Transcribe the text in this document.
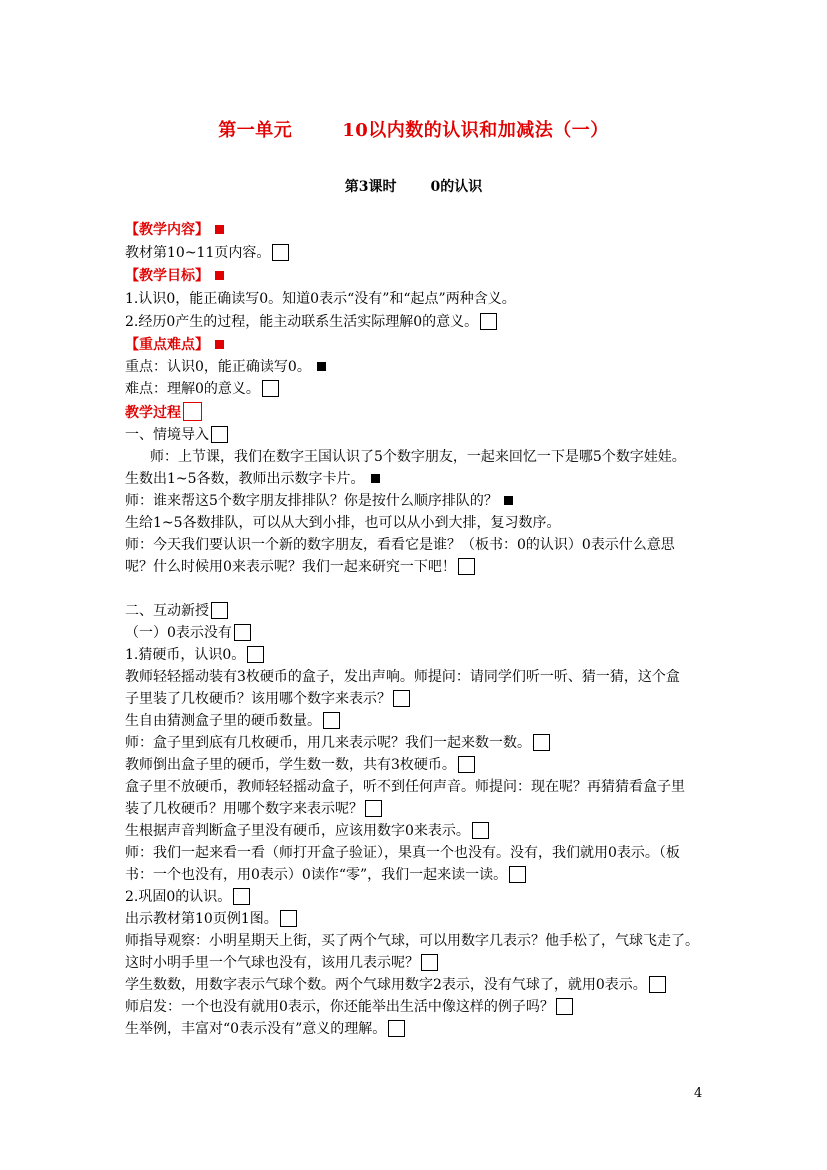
第一单元	10以内数的认识和加减法（一）
第3课时 0的认识
【教学内容】
教材第10~11页内容。
【教学目标】
1.认识0，能正确读写0。知道0表示“没有”和“起点”两种含义。
2.经历0产生的过程，能主动联系生活实际理解0的意义。
【重点难点】
重点：认识0，能正确读写0。
难点：理解0的意义。
教学过程
一、情境导入
师：上节课，我们在数字王国认识了5个数字朋友，一起来回忆一下是哪5个数字娃娃。
生数出1~5各数，教师出示数字卡片。
师：谁来帮这5个数字朋友排排队？你是按什么顺序排队的？
生给1~5各数排队，可以从大到小排，也可以从小到大排，复习数序。
师：今天我们要认识一个新的数字朋友，看看它是谁？（板书：0的认识）0表示什么意思
呢？什么时候用0来表示呢？我们一起来研究一下吧！
二、互动新授
（一）0表示没有
1.猜硬币，认识0。
教师轻轻摇动装有3枚硬币的盒子，发出声响。师提问：请同学们听一听、猜一猜，这个盒
子里装了几枚硬币？该用哪个数字来表示？
生自由猜测盒子里的硬币数量。
师：盒子里到底有几枚硬币，用几来表示呢？我们一起来数一数。
教师倒出盒子里的硬币，学生数一数，共有3枚硬币。
盒子里不放硬币，教师轻轻摇动盒子，听不到任何声音。师提问：现在呢？再猜猜看盒子里
装了几枚硬币？用哪个数字来表示呢？
生根据声音判断盒子里没有硬币，应该用数字0来表示。
师：我们一起来看一看（师打开盒子验证），果真一个也没有。没有，我们就用0表示。（板
书：一个也没有，用0表示）0读作“零”，我们一起来读一读。
2.巩固0的认识。
出示教材第10页例1图。
师指导观察：小明星期天上街，买了两个气球，可以用数字几表示？他手松了，气球飞走了。
这时小明手里一个气球也没有，该用几表示呢？
学生数数，用数字表示气球个数。两个气球用数字2表示，没有气球了，就用0表示。
师启发：一个也没有就用0表示，你还能举出生活中像这样的例子吗？
生举例，丰富对“0表示没有”意义的理解。
4
